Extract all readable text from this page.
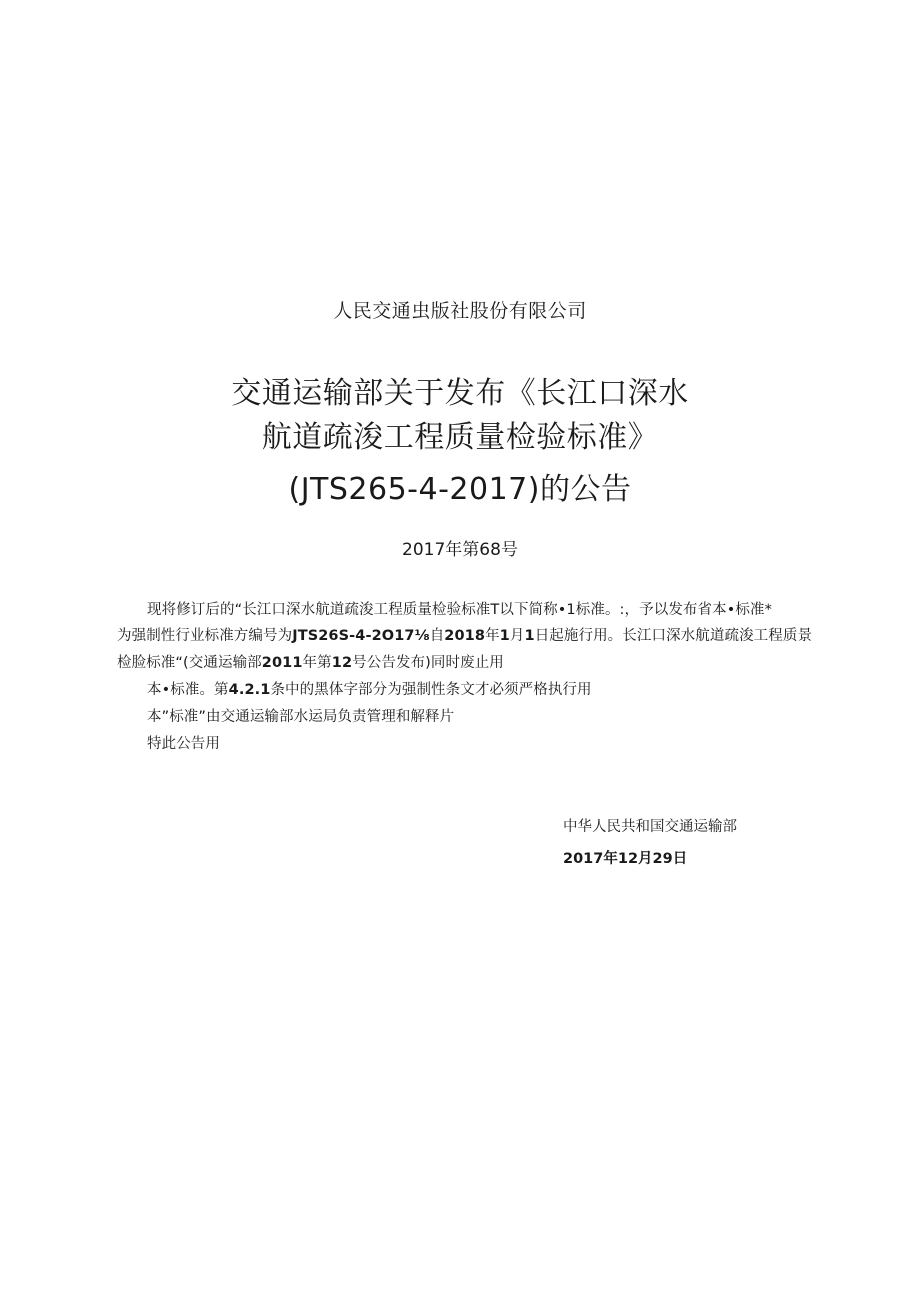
人民交通虫版社股份有限公司
交通运输部关于发布《长江口深水
航道疏浚工程质量检验标准》
(JTS265-4-2017)的公告
2017年第68号
现将修订后的“长江口深水航道疏浚工程质量检验标准T以下简称•1标准。:，予以发布省本•标准*
为强制性行业标准方编号为JTS26S-4-2O17⅛自2018年1月1日起施行用。长江口深水航道疏浚工程质景
检脸标准“(交通运输部2011年第12号公告发布)同时废止用
本•标准。第4.2.1条中的黑体字部分为强制性条文才必须严格执行用
本”标准”由交通运输部水运局负责管理和解释片
特此公告用
中华人民共和国交通运输部
2017年12月29日
